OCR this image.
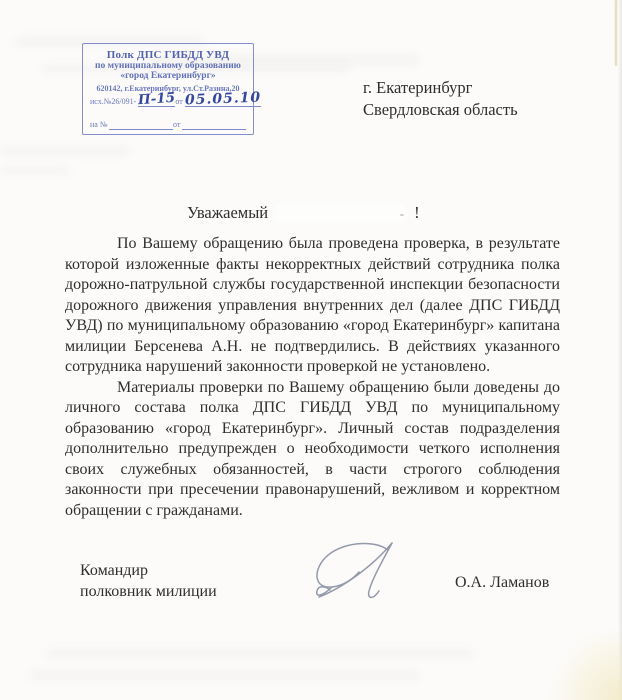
Полк ДПС ГИБДД УВД
по муниципальному образованию
«город Екатеринбург»
620142, г.Екатеринбург, ул.Ст.Разина,20
исх.№26/091- П-15 от 05.05.10
на №	от
г. Екатеринбург
Свердловская область
Уважаемый	- !

По Вашему обращению была проведена проверка, в результате которой изложенные факты некорректных действий сотрудника полка дорожно-патрульной службы государственной инспекции безопасности дорожного движения управления внутренних дел (далее ДПС ГИБДД УВД) по муниципальному образованию «город Екатеринбург» капитана милиции Берсенева А.Н. не подтвердились. В действиях указанного сотрудника нарушений законности проверкой не установлено.

Материалы проверки по Вашему обращению были доведены до личного состава полка ДПС ГИБДД УВД по муниципальному образованию «город Екатеринбург». Личный состав подразделения дополнительно предупрежден о необходимости четкого исполнения своих служебных обязанностей, в части строгого соблюдения законности при пресечении правонарушений, вежливом и корректном обращении с гражданами.

Командир
полковник милиции	О.А. Ламанов
